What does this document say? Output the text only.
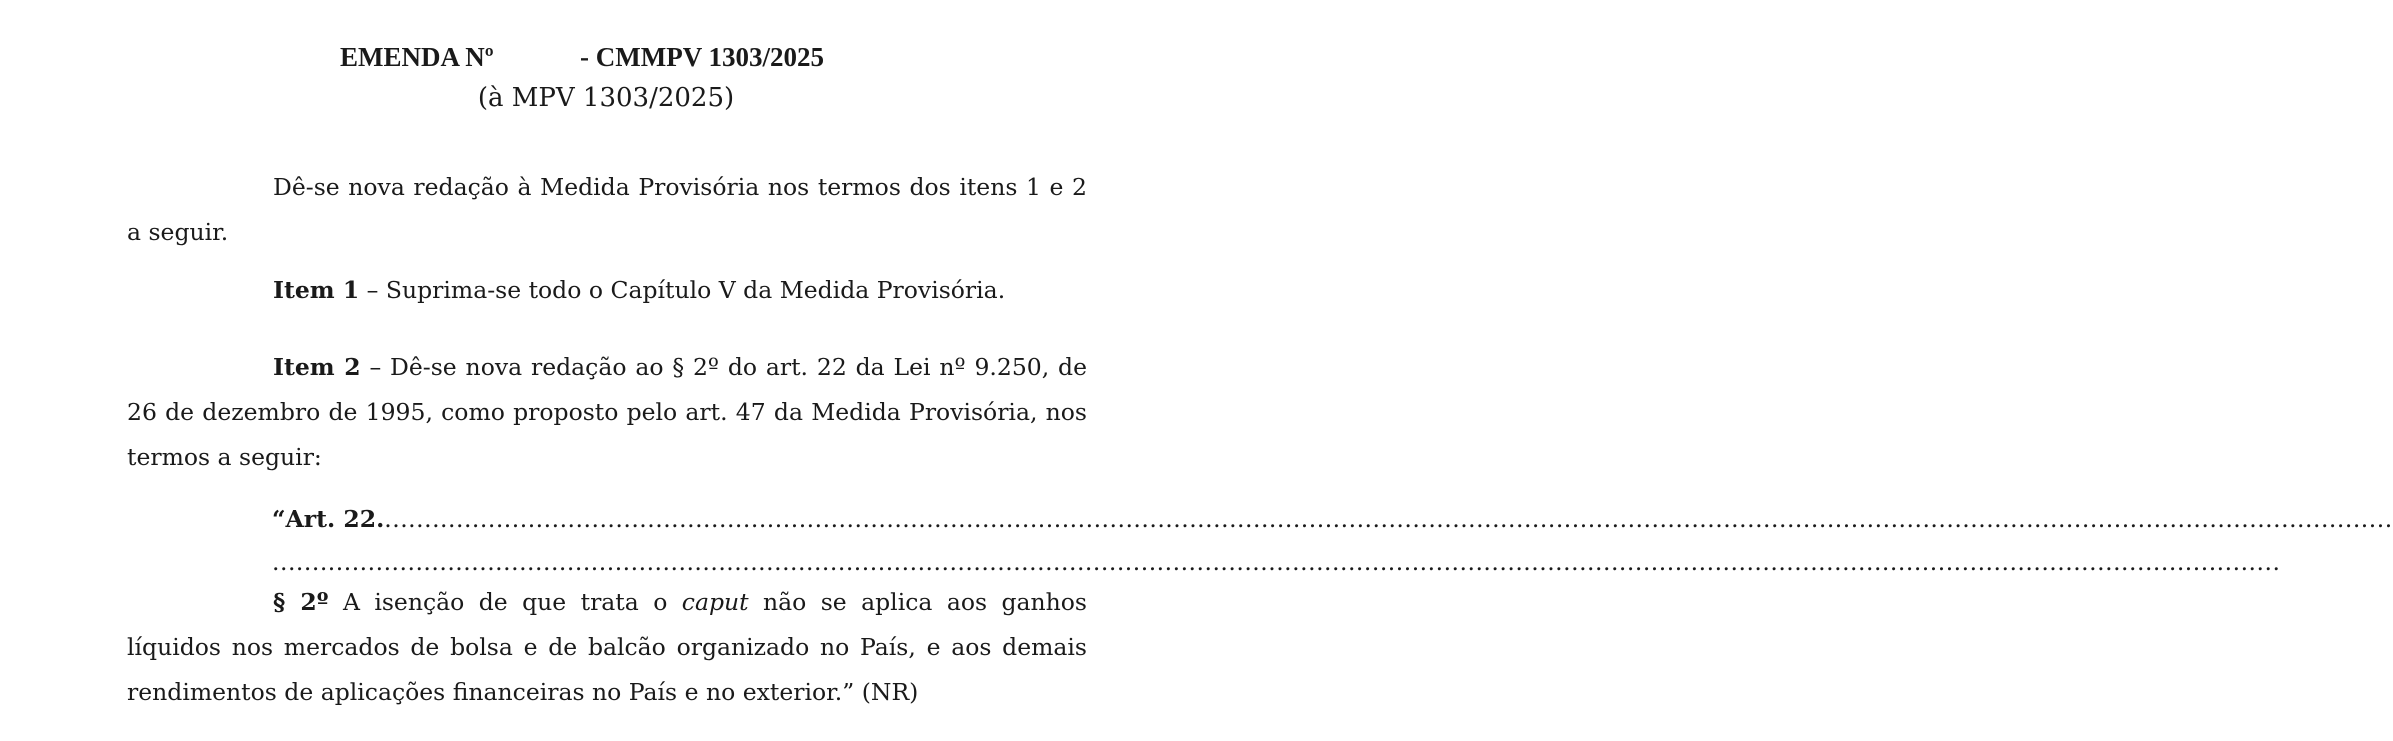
EMENDA Nº	- CMMPV 1303/2025
(à MPV 1303/2025)

Dê-se nova redação à Medida Provisória nos termos dos itens 1 e 2 a seguir.

Item 1 – Suprima-se todo o Capítulo V da Medida Provisória.

Item 2 – Dê-se nova redação ao § 2º do art. 22 da Lei nº 9.250, de 26 de dezembro de 1995, como proposto pelo art. 47 da Medida Provisória, nos termos a seguir:

“ Art. 22. ............................................................................................................................................................................................................................................................
............................................................................................................................................................................................................................................................

§ 2º A isenção de que trata o caput não se aplica aos ganhos líquidos nos mercados de bolsa e de balcão organizado no País, e aos demais rendimentos de aplicações financeiras no País e no exterior.” (NR)
